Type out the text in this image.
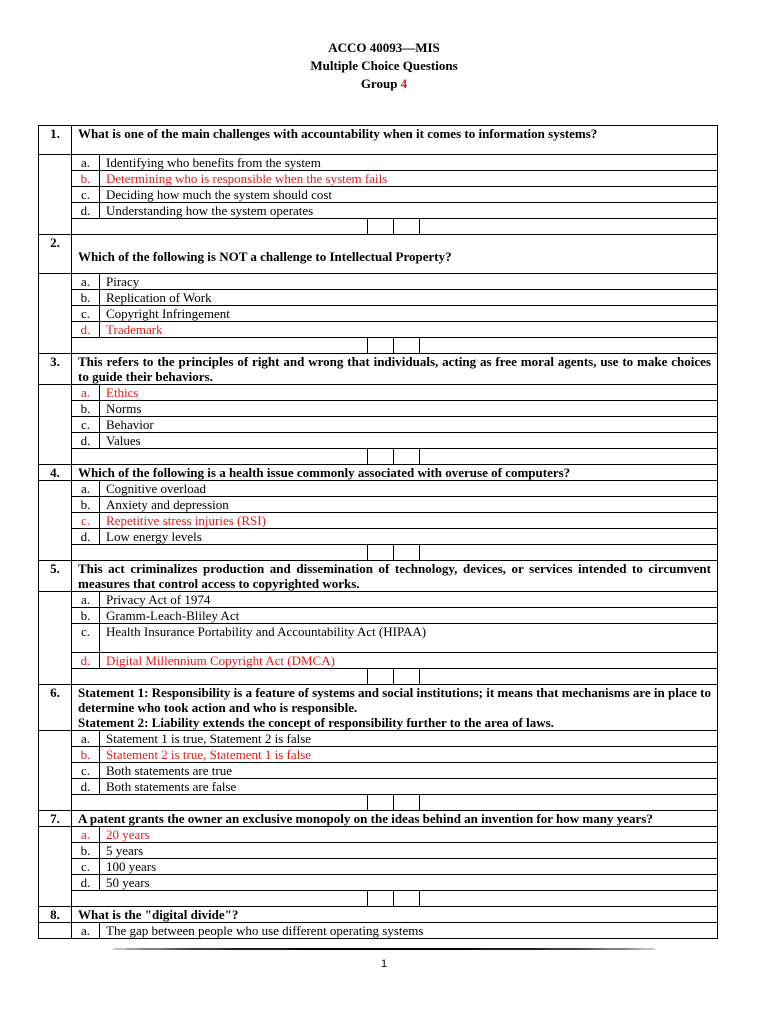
ACCO 40093—MIS
Multiple Choice Questions
Group 4
1.	What is one of the main challenges with accountability when it comes to information systems?				
	a.	Identifying who benefits from the system			
	b.	Determining who is responsible when the system fails			
	c.	Deciding how much the system should cost			
	d.	Understanding how the system operates			

2.	Which of the following is NOT a challenge to Intellectual Property?				
	a.	Piracy			
	b.	Replication of Work			
	c.	Copyright Infringement			
	d.	Trademark			

3.	This refers to the principles of right and wrong that individuals, acting as free moral agents, use to make choices to guide their behaviors.				
	a.	Ethics			
	b.	Norms			
	c.	Behavior			
	d.	Values			

4.	Which of the following is a health issue commonly associated with overuse of computers?				
	a.	Cognitive overload			
	b.	Anxiety and depression			
	c.	Repetitive stress injuries (RSI)			
	d.	Low energy levels			

5.	This act criminalizes production and dissemination of technology, devices, or services intended to circumvent measures that control access to copyrighted works.				
	a.	Privacy Act of 1974			
	b.	Gramm-Leach-Bliley Act			
	c.	Health Insurance Portability and Accountability Act (HIPAA)			
	d.	Digital Millennium Copyright Act (DMCA)			

6.	Statement 1: Responsibility is a feature of systems and social institutions; it means that mechanisms are in place to determine who took action and who is responsible.
Statement 2: Liability extends the concept of responsibility further to the area of laws.				

	a.	Statement 1 is true, Statement 2 is false			
	b.	Statement 2 is true, Statement 1 is false			
	c.	Both statements are true			
	d.	Both statements are false			

7.	A patent grants the owner an exclusive monopoly on the ideas behind an invention for how many years?				
	a.	20 years			
	b.	5 years			
	c.	100 years			
	d.	50 years			

8.	What is the "digital divide"?				
	a.	The gap between people who use different operating systems			
1
